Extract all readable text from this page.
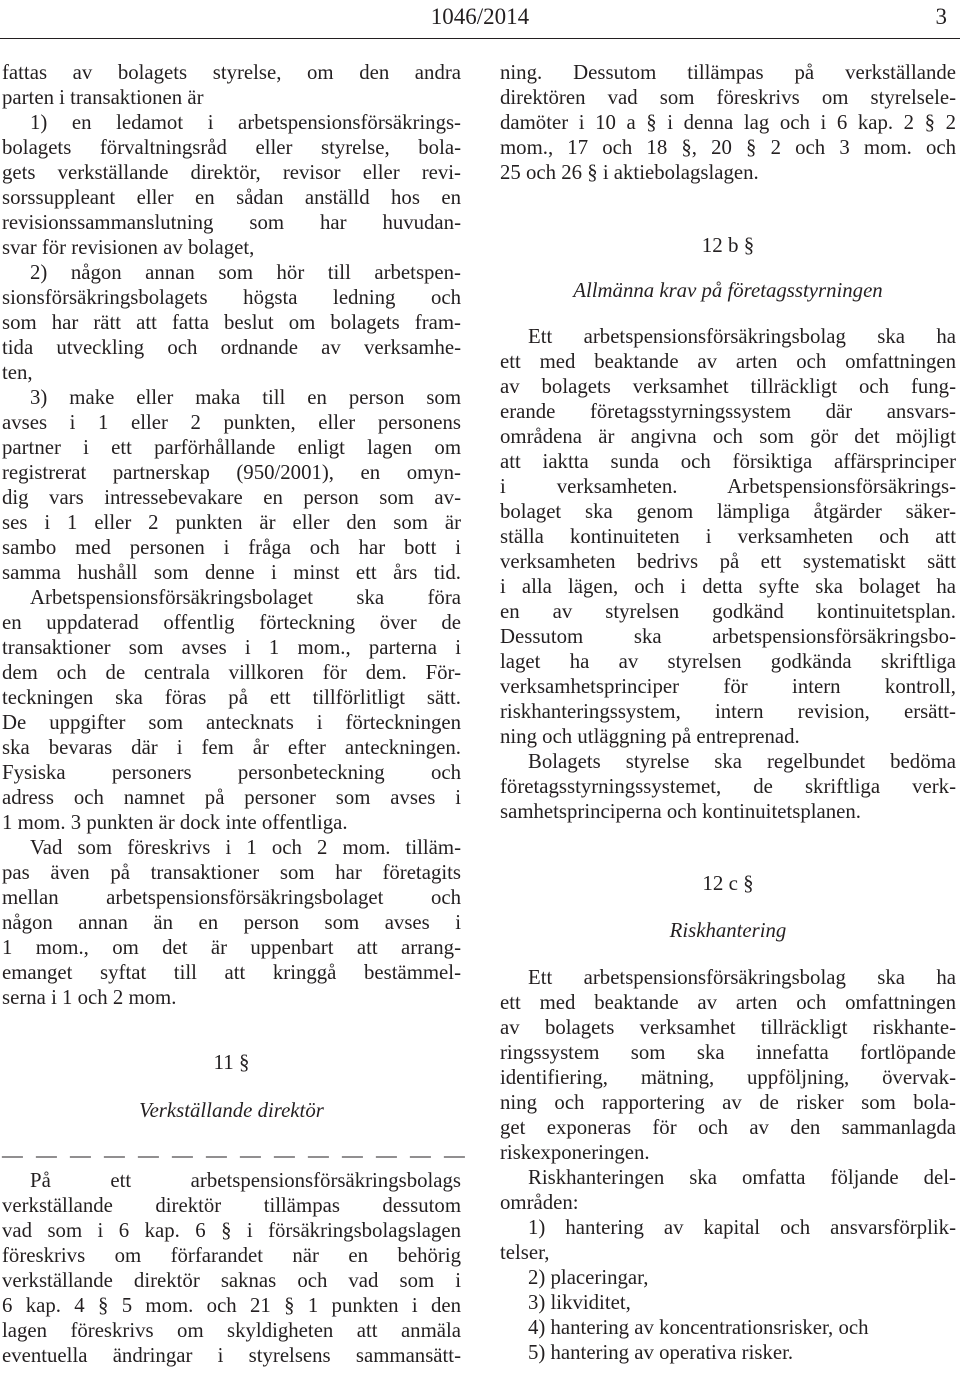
1046/2014	3
fattas av bolagets styrelse, om den andra
parten i transaktionen är
1) en ledamot i arbetspensionsförsäkrings-
bolagets förvaltningsråd eller styrelse, bola-
gets verkställande direktör, revisor eller revi-
sorssuppleant eller en sådan anställd hos en
revisionssammanslutning som har huvudan-
svar för revisionen av bolaget,
2) någon annan som hör till arbetspen-
sionsförsäkringsbolagets högsta ledning och
som har rätt att fatta beslut om bolagets fram-
tida utveckling och ordnande av verksamhe-
ten,
3) make eller maka till en person som
avses i 1 eller 2 punkten, eller personens
partner i ett parförhållande enligt lagen om
registrerat partnerskap (950/2001), en omyn-
dig vars intressebevakare en person som av-
ses i 1 eller 2 punkten är eller den som är
sambo med personen i fråga och har bott i
samma hushåll som denne i minst ett års tid.
Arbetspensionsförsäkringsbolaget ska föra
en uppdaterad offentlig förteckning över de
transaktioner som avses i 1 mom., parterna i
dem och de centrala villkoren för dem. För-
teckningen ska föras på ett tillförlitligt sätt.
De uppgifter som antecknats i förteckningen
ska bevaras där i fem år efter anteckningen.
Fysiska personers personbeteckning och
adress och namnet på personer som avses i
1 mom. 3 punkten är dock inte offentliga.
Vad som föreskrivs i 1 och 2 mom. tilläm-
pas även på transaktioner som har företagits
mellan arbetspensionsförsäkringsbolaget och
någon annan än en person som avses i
1 mom., om det är uppenbart att arrang-
emanget syftat till att kringgå bestämmel-
serna i 1 och 2 mom.
11 §
Verkställande direktör
— — — — — — — — — — — — — —
På ett arbetspensionsförsäkringsbolags
verkställande direktör tillämpas dessutom
vad som i 6 kap. 6 § i försäkringsbolagslagen
föreskrivs om förfarandet när en behörig
verkställande direktör saknas och vad som i
6 kap. 4 § 5 mom. och 21 § 1 punkten i den
lagen föreskrivs om skyldigheten att anmäla
eventuella ändringar i styrelsens sammansätt-
ning. Dessutom tillämpas på verkställande
direktören vad som föreskrivs om styrelsele-
damöter i 10 a § i denna lag och i 6 kap. 2 § 2
mom., 17 och 18 §, 20 § 2 och 3 mom. och
25 och 26 § i aktiebolagslagen.
12 b §
Allmänna krav på företagsstyrningen
Ett arbetspensionsförsäkringsbolag ska ha
ett med beaktande av arten och omfattningen
av bolagets verksamhet tillräckligt och fung-
erande företagsstyrningssystem där ansvars-
områdena är angivna och som gör det möjligt
att iaktta sunda och försiktiga affärsprinciper
i verksamheten. Arbetspensionsförsäkrings-
bolaget ska genom lämpliga åtgärder säker-
ställa kontinuiteten i verksamheten och att
verksamheten bedrivs på ett systematiskt sätt
i alla lägen, och i detta syfte ska bolaget ha
en av styrelsen godkänd kontinuitetsplan.
Dessutom ska arbetspensionsförsäkringsbo-
laget ha av styrelsen godkända skriftliga
verksamhetsprinciper för intern kontroll,
riskhanteringssystem, intern revision, ersätt-
ning och utläggning på entreprenad.
Bolagets styrelse ska regelbundet bedöma
företagsstyrningssystemet, de skriftliga verk-
samhetsprinciperna och kontinuitetsplanen.
12 c §
Riskhantering
Ett arbetspensionsförsäkringsbolag ska ha
ett med beaktande av arten och omfattningen
av bolagets verksamhet tillräckligt riskhante-
ringssystem som ska innefatta fortlöpande
identifiering, mätning, uppföljning, övervak-
ning och rapportering av de risker som bola-
get exponeras för och av den sammanlagda
riskexponeringen.
Riskhanteringen ska omfatta följande del-
områden:
1) hantering av kapital och ansvarsförplik-
telser,
2) placeringar,
3) likviditet,
4) hantering av koncentrationsrisker, och
5) hantering av operativa risker.
